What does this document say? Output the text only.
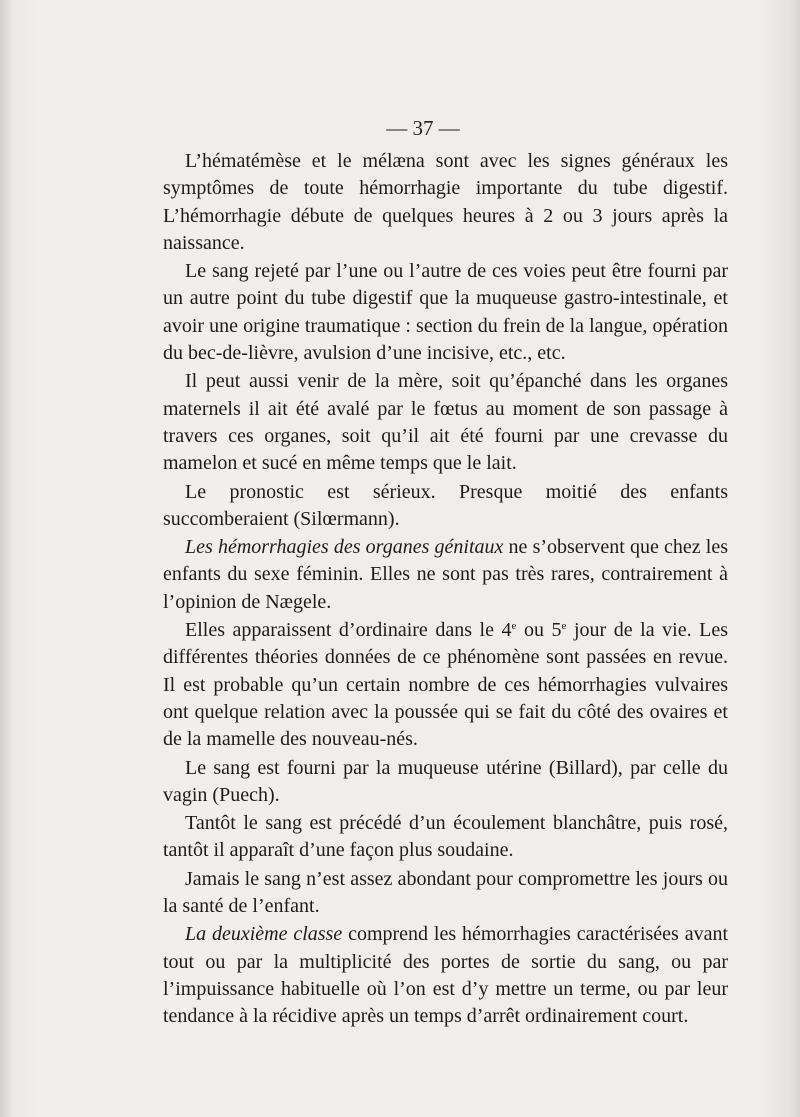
— 37 —

L’hématémèse et le mélæna sont avec les signes généraux les symptômes de toute hémorrhagie importante du tube digestif. L’hémorrhagie débute de quelques heures à 2 ou 3 jours après la naissance.

Le sang rejeté par l’une ou l’autre de ces voies peut être fourni par un autre point du tube digestif que la muqueuse gastro-intestinale, et avoir une origine traumatique : section du frein de la langue, opération du bec-de-lièvre, avulsion d’une incisive, etc., etc.

Il peut aussi venir de la mère, soit qu’épanché dans les organes maternels il ait été avalé par le fœtus au moment de son passage à travers ces organes, soit qu’il ait été fourni par une crevasse du mamelon et sucé en même temps que le lait.

Le pronostic est sérieux. Presque moitié des enfants succomberaient (Silœrmann).

Les hémorrhagies des organes génitaux ne s’observent que chez les enfants du sexe féminin. Elles ne sont pas très rares, contrairement à l’opinion de Nægele.

Elles apparaissent d’ordinaire dans le 4e ou 5e jour de la vie. Les différentes théories données de ce phénomène sont passées en revue. Il est probable qu’un certain nombre de ces hémorrhagies vulvaires ont quelque relation avec la poussée qui se fait du côté des ovaires et de la mamelle des nouveau-nés.

Le sang est fourni par la muqueuse utérine (Billard), par celle du vagin (Puech).

Tantôt le sang est précédé d’un écoulement blanchâtre, puis rosé, tantôt il apparaît d’une façon plus soudaine.

Jamais le sang n’est assez abondant pour compromettre les jours ou la santé de l’enfant.

La deuxième classe comprend les hémorrhagies caractérisées avant tout ou par la multiplicité des portes de sortie du sang, ou par l’impuissance habituelle où l’on est d’y mettre un terme, ou par leur tendance à la récidive après un temps d’arrêt ordinairement court.
